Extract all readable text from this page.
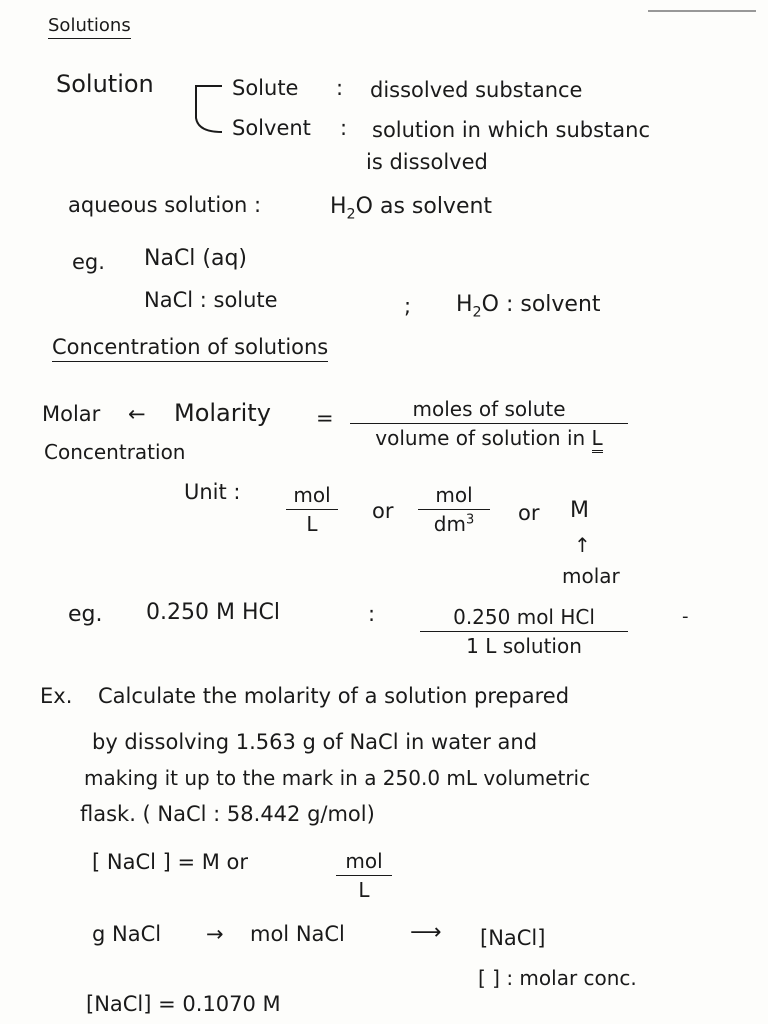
Solutions
Solution	Solute : dissolved substance
Solvent : solution in which substanc
is dissolved
aqueous solution :	$H_2O$ as solvent
eg. NaCl (aq)
NaCl : solute	; $H_2O$ : solvent
Concentration of solutions
Molar ← Molarity
Concentration
=	moles of solute
volume of solution in L
Unit :	mol
L
or
mol
$dm^3$	or M
↑
molar
eg. 0.250 M HCl	:	0.250 mol HCl
1 L solution
-
Ex. Calculate the molarity of a solution prepared
by dissolving 1.563 g of NaCl in water and
making it up to the mark in a 250.0 mL volumetric
flask. ( NaCl : 58.442 g/mol)
[ NaCl ] = M or	mol
L
g NaCl → mol NaCl	⟶ [NaCl]
[ ] : molar conc.
[NaCl] = 0.1070 M
